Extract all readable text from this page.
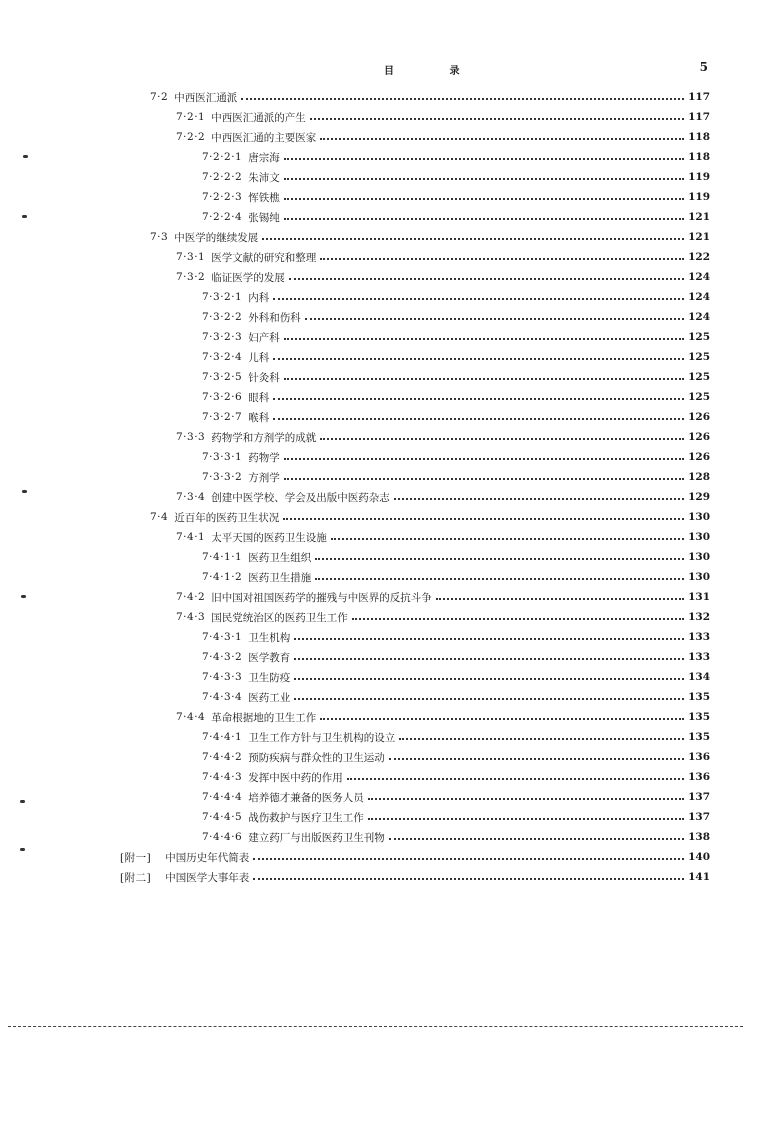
目 录	5
7·2 中西医汇通派	117
7·2·1 中西医汇通派的产生	117
7·2·2 中西医汇通的主要医家	118
7·2·2·1 唐宗海	118
7·2·2·2 朱沛文	119
7·2·2·3 恽铁樵	119
7·2·2·4 张锡纯	121
7·3 中医学的继续发展	121
7·3·1 医学文献的研究和整理	122
7·3·2 临证医学的发展	124
7·3·2·1 内科	124
7·3·2·2 外科和伤科	124
7·3·2·3 妇产科	125
7·3·2·4 儿科	125
7·3·2·5 针灸科	125
7·3·2·6 眼科	125
7·3·2·7 喉科	126
7·3·3 药物学和方剂学的成就	126
7·3·3·1 药物学	126
7·3·3·2 方剂学	128
7·3·4 创建中医学校、学会及出版中医药杂志	129
7·4 近百年的医药卫生状况	130
7·4·1 太平天国的医药卫生设施	130
7·4·1·1 医药卫生组织	130
7·4·1·2 医药卫生措施	130
7·4·2 旧中国对祖国医药学的摧残与中医界的反抗斗争	131
7·4·3 国民党统治区的医药卫生工作	132
7·4·3·1 卫生机构	133
7·4·3·2 医学教育	133
7·4·3·3 卫生防疫	134
7·4·3·4 医药工业	135
7·4·4 革命根据地的卫生工作	135
7·4·4·1 卫生工作方针与卫生机构的设立	135
7·4·4·2 预防疾病与群众性的卫生运动	136
7·4·4·3 发挥中医中药的作用	136
7·4·4·4 培养德才兼备的医务人员	137
7·4·4·5 战伤救护与医疗卫生工作	137
7·4·4·6 建立药厂与出版医药卫生刊物	138
[附一] 中国历史年代简表	140
[附二] 中国医学大事年表	141
